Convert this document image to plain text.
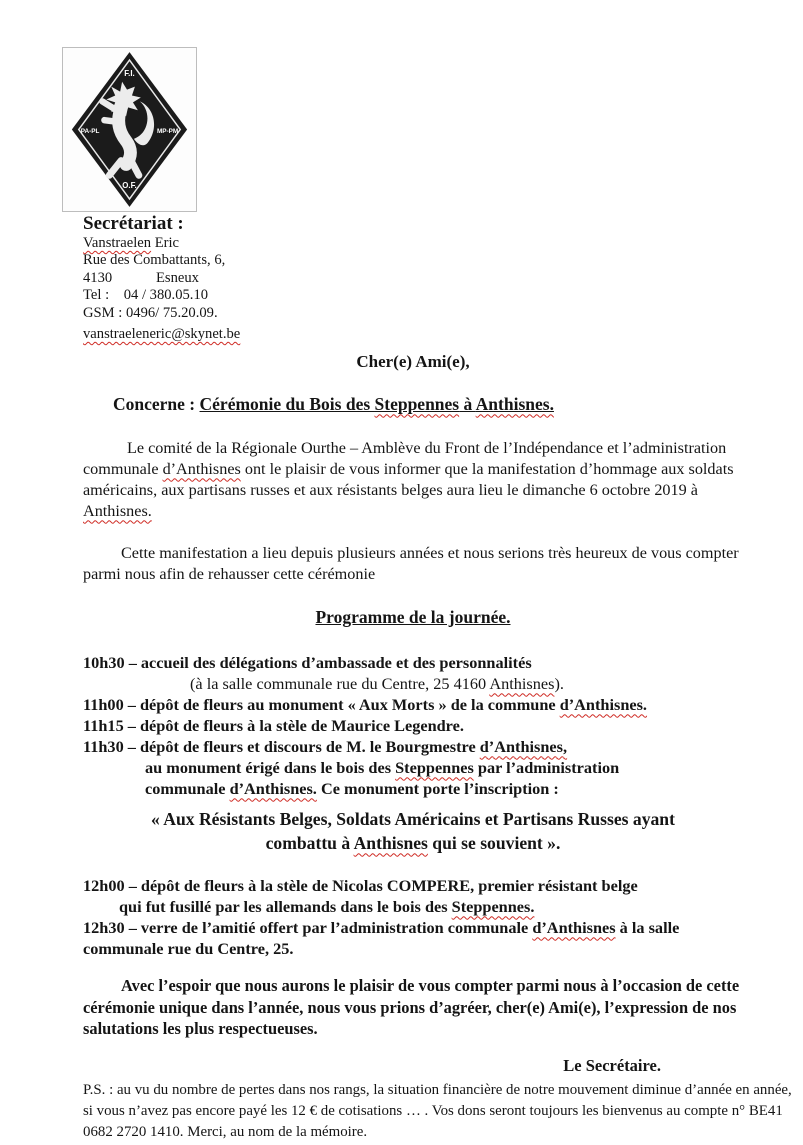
F.I.
PA-PL	MP-PM
O.F.
Secrétariat :
Vanstraelen Eric
Rue des Combattants, 6,
4130            Esneux
Tel :    04 / 380.05.10
GSM : 0496/ 75.20.09.
vanstraeleneric@skynet.be
Cher(e) Ami(e),
Concerne : Cérémonie du Bois des Steppennes à Anthisnes.

Le comité de la Régionale Ourthe – Amblève du Front de l’Indépendance et l’administration communale d’Anthisnes ont le plaisir de vous informer que la manifestation d’hommage aux soldats américains, aux partisans russes et aux résistants belges aura lieu le dimanche 6 octobre 2019 à Anthisnes.

Cette manifestation a lieu depuis plusieurs années et nous serions très heureux de vous compter parmi nous afin de rehausser cette cérémonie

Programme de la journée.
10h30 – accueil des délégations d’ambassade et des personnalités
(à la salle communale rue du Centre, 25 4160 Anthisnes).
11h00 – dépôt de fleurs au monument « Aux Morts » de la commune d’Anthisnes.
11h15 – dépôt de fleurs à la stèle de Maurice Legendre.
11h30 – dépôt de fleurs et discours de M. le Bourgmestre d’Anthisnes,
au monument érigé dans le bois des Steppennes par l’administration
communale d’Anthisnes. Ce monument porte l’inscription :
« Aux Résistants Belges, Soldats Américains et Partisans Russes ayant
combattu à Anthisnes qui se souvient ».
12h00 – dépôt de fleurs à la stèle de Nicolas COMPERE, premier résistant belge
qui fut fusillé par les allemands dans le bois des Steppennes.
12h30 – verre de l’amitié offert par l’administration communale d’Anthisnes à la salle
communale rue du Centre, 25.

Avec l’espoir que nous aurons le plaisir de vous compter parmi nous à l’occasion de cette cérémonie unique dans l’année, nous vous prions d’agréer, cher(e) Ami(e), l’expression de nos salutations les plus respectueuses.

Le Secrétaire.

P.S. : au vu du nombre de pertes dans nos rangs, la situation financière de notre mouvement diminue d’année en année, si vous n’avez pas encore payé les 12 € de cotisations … . Vos dons seront toujours les bienvenus au compte n° BE41 0682 2720 1410. Merci, au nom de la mémoire.
